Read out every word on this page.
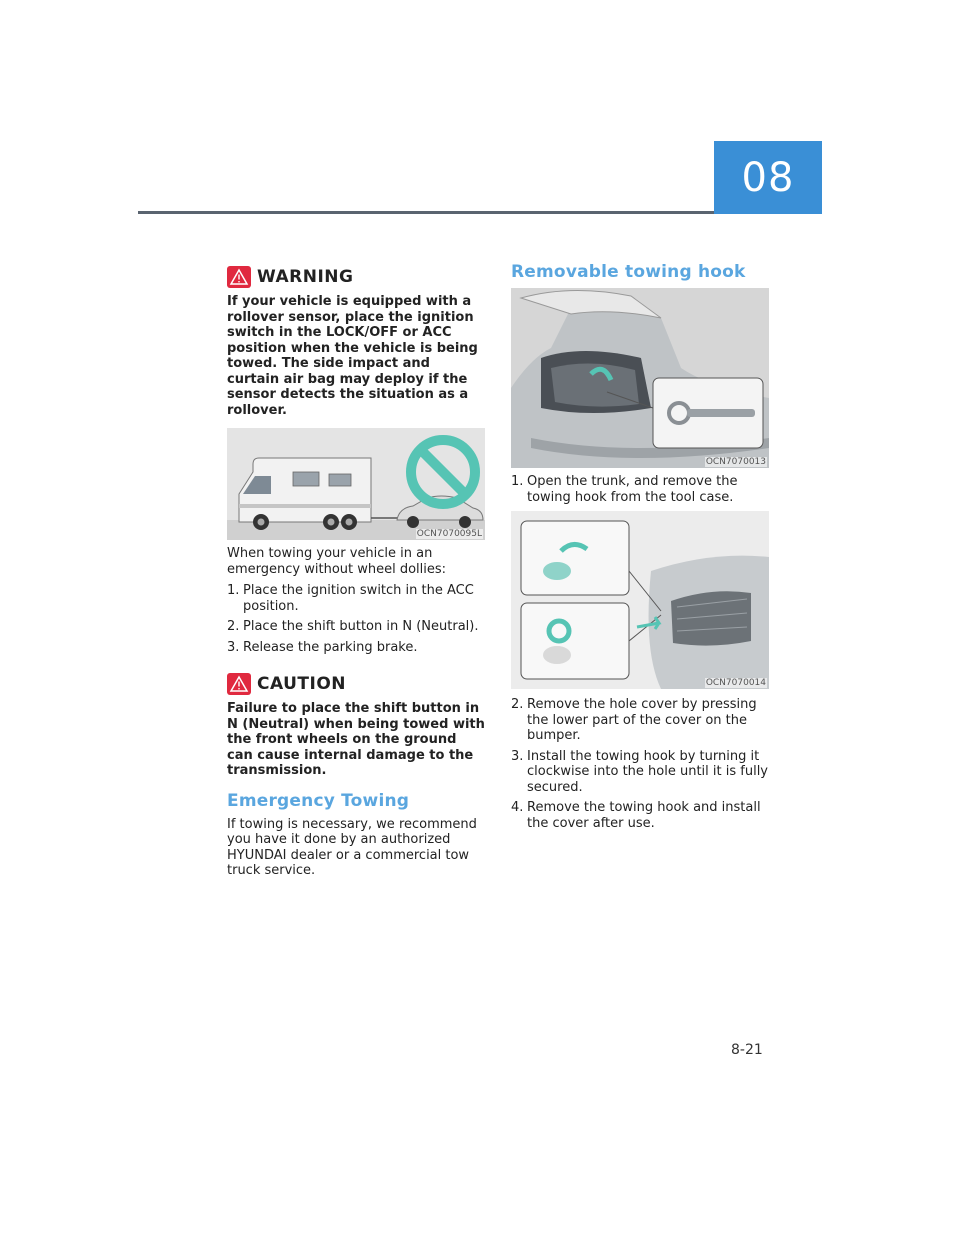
08
WARNING

If your vehicle is equipped with a rollover sensor, place the ignition switch in the LOCK/OFF or ACC position when the vehicle is being towed. The side impact and curtain air bag may deploy if the sensor detects the situation as a rollover.

OCN7070095L

When towing your vehicle in an emergency without wheel dollies:

1. Place the ignition switch in the ACC position.
2. Place the shift button in N (Neutral).
3. Release the parking brake.
CAUTION

Failure to place the shift button in N (Neutral) when being towed with the front wheels on the ground can cause internal damage to the transmission.

Emergency Towing

If towing is necessary, we recommend you have it done by an authorized HYUNDAI dealer or a commercial tow truck service.

Removable towing hook
OCN7070013
1. Open the trunk, and remove the towing hook from the tool case.
OCN7070014
2. Remove the hole cover by pressing the lower part of the cover on the bumper.
3. Install the towing hook by turning it clockwise into the hole until it is fully secured.
4. Remove the towing hook and install the cover after use.
8-21
